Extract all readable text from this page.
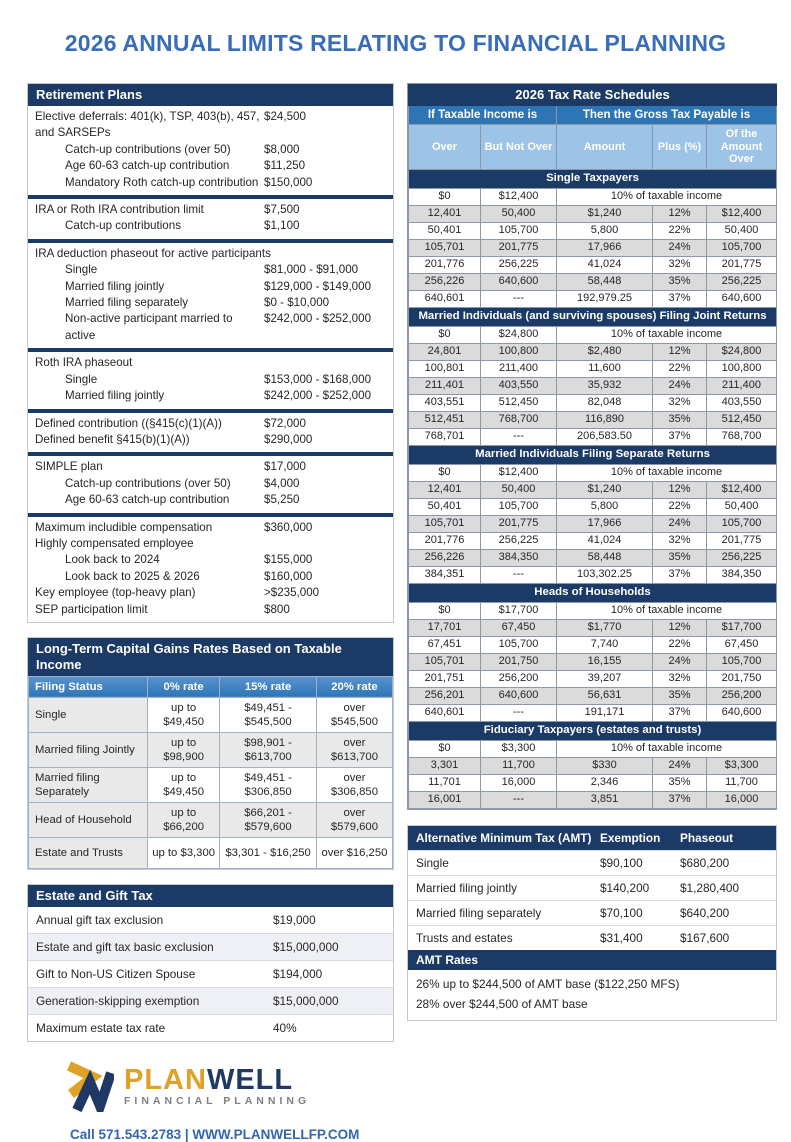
2026 ANNUAL LIMITS RELATING TO FINANCIAL PLANNING
Retirement Plans
Elective deferrals: 401(k), TSP, 403(b), 457, and SARSEPs
$24,500
Catch-up contributions (over 50)	$8,000
Age 60-63 catch-up contribution	$11,250
Mandatory Roth catch-up contribution $150,000
IRA or Roth IRA contribution limit	$7,500
Catch-up contributions	$1,100
IRA deduction phaseout for active participants
Single	$81,000 - $91,000
Married filing jointly	$129,000 - $149,000
Married filing separately	$0 - $10,000
Non-active participant married to active
$242,000 - $252,000
Roth IRA phaseout
Single	$153,000 - $168,000
Married filing jointly	$242,000 - $252,000
Defined contribution ((§415(c)(1)(A))	$72,000
Defined benefit §415(b)(1)(A))	$290,000
SIMPLE plan	$17,000
Catch-up contributions (over 50)	$4,000
Age 60-63 catch-up contribution	$5,250
Maximum includible compensation	$360,000
Highly compensated employee
Look back to 2024	$155,000
Look back to 2025 & 2026	$160,000
Key employee (top-heavy plan)	>$235,000
SEP participation limit	$800
Long-Term Capital Gains Rates Based on Taxable Income
Filing Status	0% rate	15% rate	20% rate
Single	up to $49,450	$49,451 - $545,500	over $545,500
Married filing Jointly	up to $98,900	$98,901 - $613,700	over $613,700
Married filing Separately	up to $49,450	$49,451 - $306,850	over $306,850
Head of Household	up to $66,200	$66,201 - $579,600	over $579,600
Estate and Trusts	up to $3,300	$3,301 - $16,250	over $16,250
Estate and Gift Tax
Annual gift tax exclusion	$19,000
Estate and gift tax basic exclusion	$15,000,000
Gift to Non-US Citizen Spouse	$194,000
Generation-skipping exemption	$15,000,000
Maximum estate tax rate	40%
PLANWELL
FINANCIAL PLANNING
Call 571.543.2783 | WWW.PLANWELLFP.COM
2026 Tax Rate Schedules				
If Taxable Income is		Then the Gross Tax Payable is		
Over	But Not Over	Amount	Plus (%)	Of the Amount Over
Single Taxpayers				
$0	$12,400	10% of taxable income		
12,401	50,400	$1,240	12%	$12,400
50,401	105,700	5,800	22%	50,400
105,701	201,775	17,966	24%	105,700
201,776	256,225	41,024	32%	201,775
256,226	640,600	58,448	35%	256,225
640,601	---	192,979.25	37%	640,600
Married Individuals (and surviving spouses) Filing Joint Returns				
$0	$24,800	10% of taxable income		
24,801	100,800	$2,480	12%	$24,800
100,801	211,400	11,600	22%	100,800
211,401	403,550	35,932	24%	211,400
403,551	512,450	82,048	32%	403,550
512,451	768,700	116,890	35%	512,450
768,701	---	206,583.50	37%	768,700
Married Individuals Filing Separate Returns				
$0	$12,400	10% of taxable income		
12,401	50,400	$1,240	12%	$12,400
50,401	105,700	5,800	22%	50,400
105,701	201,775	17,966	24%	105,700
201,776	256,225	41,024	32%	201,775
256,226	384,350	58,448	35%	256,225
384,351	---	103,302.25	37%	384,350
Heads of Households				
$0	$17,700	10% of taxable income		
17,701	67,450	$1,770	12%	$17,700
67,451	105,700	7,740	22%	67,450
105,701	201,750	16,155	24%	105,700
201,751	256,200	39,207	32%	201,750
256,201	640,600	56,631	35%	256,200
640,601	---	191,171	37%	640,600
Fiduciary Taxpayers (estates and trusts)				
$0	$3,300	10% of taxable income		
3,301	11,700	$330	24%	$3,300
11,701	16,000	2,346	35%	11,700
16,001	---	3,851	37%	16,000
Alternative Minimum Tax (AMT) Exemption	Phaseout
Single	$90,100	$680,200
Married filing jointly	$140,200	$1,280,400
Married filing separately	$70,100	$640,200
Trusts and estates	$31,400	$167,600
AMT Rates
26% up to $244,500 of AMT base ($122,250 MFS)
28% over $244,500 of AMT base
